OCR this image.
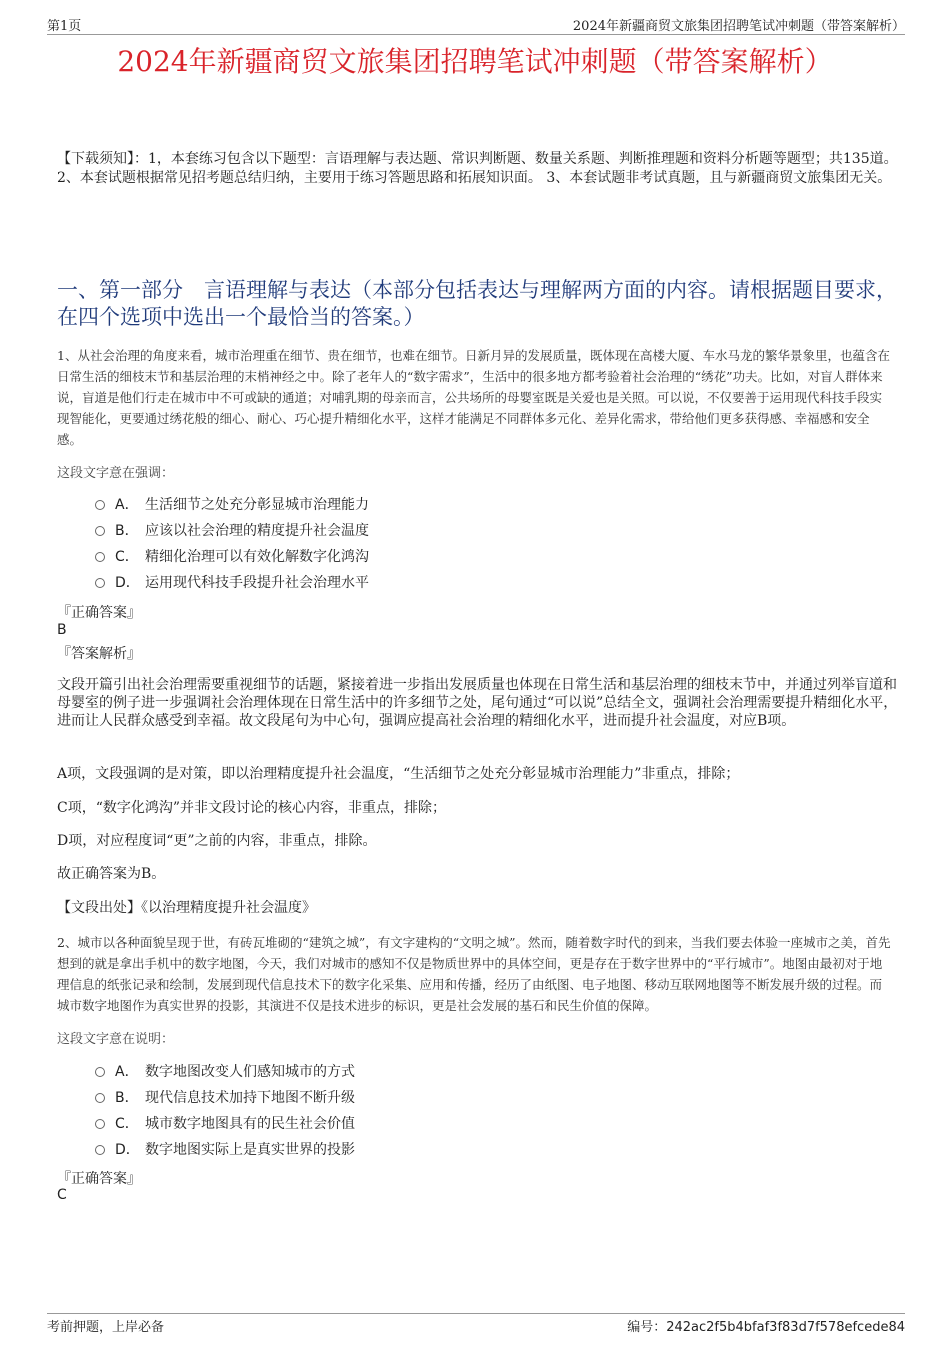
第1页	2024年新疆商贸文旅集团招聘笔试冲刺题（带答案解析）
2024年新疆商贸文旅集团招聘笔试冲刺题（带答案解析）
【下载须知】：1，本套练习包含以下题型：言语理解与表达题、常识判断题、数量关系题、判断推理题和资料分析题等题型；共135道。 2、本套试题根据常见招考题总结归纳，主要用于练习答题思路和拓展知识面。 3、本套试题非考试真题，且与新疆商贸文旅集团无关。
一、第一部分　言语理解与表达（本部分包括表达与理解两方面的内容。请根据题目要求，在四个选项中选出一个最恰当的答案。）
1、从社会治理的角度来看，城市治理重在细节、贵在细节，也难在细节。日新月异的发展质量，既体现在高楼大厦、车水马龙的繁华景象里，也蕴含在日常生活的细枝末节和基层治理的末梢神经之中。除了老年人的“数字需求”，生活中的很多地方都考验着社会治理的“绣花”功夫。比如，对盲人群体来说，盲道是他们行走在城市中不可或缺的通道；对哺乳期的母亲而言，公共场所的母婴室既是关爱也是关照。可以说，不仅要善于运用现代科技手段实现智能化，更要通过绣花般的细心、耐心、巧心提升精细化水平，这样才能满足不同群体多元化、差异化需求，带给他们更多获得感、幸福感和安全感。
这段文字意在强调：
A． 生活细节之处充分彰显城市治理能力
B． 应该以社会治理的精度提升社会温度
C． 精细化治理可以有效化解数字化鸿沟
D． 运用现代科技手段提升社会治理水平
『正确答案』
B
『答案解析』
文段开篇引出社会治理需要重视细节的话题，紧接着进一步指出发展质量也体现在日常生活和基层治理的细枝末节中，并通过列举盲道和母婴室的例子进一步强调社会治理体现在日常生活中的许多细节之处，尾句通过“可以说”总结全文，强调社会治理需要提升精细化水平，进而让人民群众感受到幸福。故文段尾句为中心句，强调应提高社会治理的精细化水平，进而提升社会温度，对应B项。
A项，文段强调的是对策，即以治理精度提升社会温度，“生活细节之处充分彰显城市治理能力”非重点，排除；
C项，“数字化鸿沟”并非文段讨论的核心内容，非重点，排除；
D项，对应程度词“更”之前的内容，非重点，排除。
故正确答案为B。
【文段出处】《以治理精度提升社会温度》
2、城市以各种面貌呈现于世，有砖瓦堆砌的“建筑之城”，有文字建构的“文明之城”。然而，随着数字时代的到来，当我们要去体验一座城市之美，首先想到的就是拿出手机中的数字地图，今天，我们对城市的感知不仅是物质世界中的具体空间，更是存在于数字世界中的“平行城市”。地图由最初对于地理信息的纸张记录和绘制，发展到现代信息技术下的数字化采集、应用和传播，经历了由纸图、电子地图、移动互联网地图等不断发展升级的过程。而城市数字地图作为真实世界的投影，其演进不仅是技术进步的标识，更是社会发展的基石和民生价值的保障。
这段文字意在说明：
A． 数字地图改变人们感知城市的方式
B． 现代信息技术加持下地图不断升级
C． 城市数字地图具有的民生社会价值
D． 数字地图实际上是真实世界的投影
『正确答案』
C
考前押题，上岸必备	编号：242ac2f5b4bfaf3f83d7f578efcede84
